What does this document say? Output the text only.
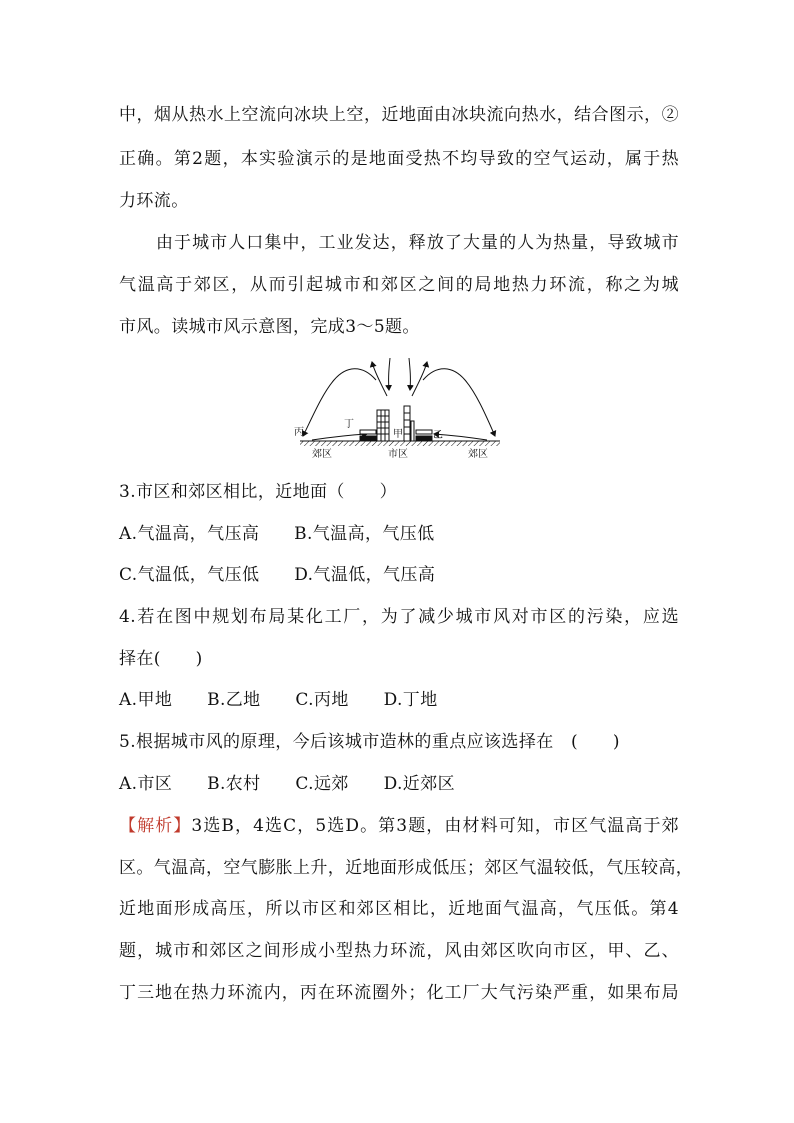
中，烟从热水上空流向冰块上空，近地面由冰块流向热水，结合图示，②
正确。第2题，本实验演示的是地面受热不均导致的空气运动，属于热
力环流。
由于城市人口集中，工业发达，释放了大量的人为热量，导致城市
气温高于郊区，从而引起城市和郊区之间的局地热力环流，称之为城
市风。读城市风示意图，完成3～5题。
丙
丁
甲	乙
郊区	市区	郊区
3.市区和郊区相比，近地面（　　）
A.气温高，气压高　　B.气温高，气压低
C.气温低，气压低　　D.气温低，气压高
4.若在图中规划布局某化工厂，为了减少城市风对市区的污染，应选
择在(　　)
A.甲地　　B.乙地　　C.丙地　　D.丁地
5.根据城市风的原理，今后该城市造林的重点应该选择在　(　　)
A.市区　　B.农村　　C.远郊　　D.近郊区
【解析】3选B，4选C，5选D。第3题，由材料可知，市区气温高于郊
区。气温高，空气膨胀上升，近地面形成低压；郊区气温较低，气压较高，
近地面形成高压，所以市区和郊区相比，近地面气温高，气压低。第4
题，城市和郊区之间形成小型热力环流，风由郊区吹向市区，甲、乙、
丁三地在热力环流内，丙在环流圈外；化工厂大气污染严重，如果布局
